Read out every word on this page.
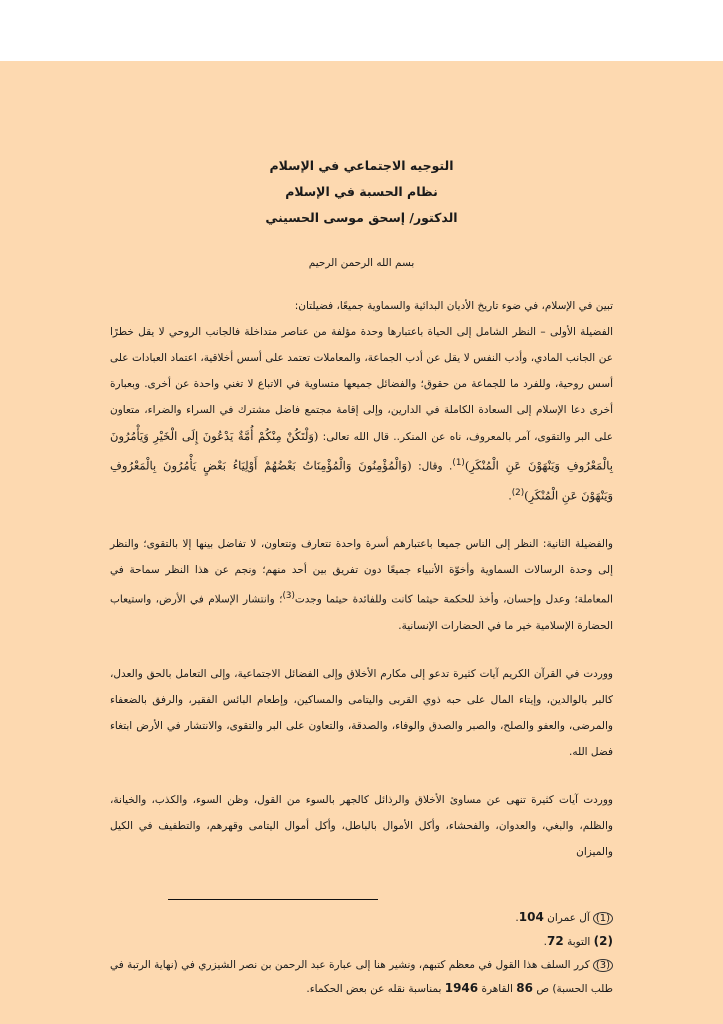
التوجيه الاجتماعي في الإسلام
نظام الحسبة في الإسلام
الدكتور/ إسحق موسى الحسيني
بسم الله الرحمن الرحيم

تبين في الإسلام، في ضوء تاريخ الأديان البدائية والسماوية جميعًا، فضيلتان:

الفضيلة الأولى – النظر الشامل إلى الحياة باعتبارها وحدة مؤلفة من عناصر متداخلة فالجانب الروحي لا يقل خطرًا عن الجانب المادي، وأدب النفس لا يقل عن أدب الجماعة، والمعاملات تعتمد على أسس أخلاقية، اعتماد العبادات على أسس روحية، وللفرد ما للجماعة من حقوق؛ والفضائل جميعها متساوية في الاتباع لا تغني واحدة عن أخرى. وبعبارة أخرى دعا الإسلام إلى السعادة الكاملة في الدارين، وإلى إقامة مجتمع فاضل مشترك في السراء والضراء، متعاون على البر والتقوى، آمر بالمعروف، ناه عن المنكر.. قال الله تعالى: (وَلْتَكُنْ مِنْكُمْ أُمَّةٌ يَدْعُونَ إِلَى الْخَيْرِ وَيَأْمُرُونَ بِالْمَعْرُوفِ وَيَنْهَوْنَ عَنِ الْمُنْكَرِ)$^{(1)}$. وقال: (وَالْمُؤْمِنُونَ وَالْمُؤْمِنَاتُ بَعْضُهُمْ أَوْلِيَاءُ بَعْضٍ يَأْمُرُونَ بِالْمَعْرُوفِ وَيَنْهَوْنَ عَنِ الْمُنْكَرِ)$^{(2)}$.

والفضيلة الثانية: النظر إلى الناس جميعا باعتبارهم أسرة واحدة تتعارف وتتعاون، لا تفاضل بينها إلا بالتقوى؛ والنظر إلى وحدة الرسالات السماوية وأخوّة الأنبياء جميعًا دون تفريق بين أحد منهم؛ ونجم عن هذا النظر سماحة في المعاملة؛ وعدل وإحسان، وأخذ للحكمة حيثما كانت وللفائدة حيثما وجدت$^{(3)}$؛ وانتشار الإسلام في الأرض، واستيعاب الحضارة الإسلامية خير ما في الحضارات الإنسانية.

ووردت في القرآن الكريم آيات كثيرة تدعو إلى مكارم الأخلاق وإلى الفضائل الاجتماعية، وإلى التعامل بالحق والعدل، كالبر بالوالدين، وإيتاء المال على حبه ذوي القربى واليتامى والمساكين، وإطعام البائس الفقير، والرفق بالضعفاء والمرضى، والعفو والصلح، والصبر والصدق والوفاء، والصدقة، والتعاون على البر والتقوى، والانتشار في الأرض ابتغاء فضل الله.

ووردت آيات كثيرة تنهى عن مساوئ الأخلاق والرذائل كالجهر بالسوء من القول، وظن السوء، والكذب، والخيانة، والظلم، والبغي، والعدوان، والفحشاء، وأكل الأموال بالباطل، وأكل أموال اليتامى وقهرهم، والتطفيف في الكيل والميزان

(1)آل عمران 104.

(2) التوبة 72.

(3)كرر السلف هذا القول في معظم كتبهم، ونشير هنا إلى عبارة عبد الرحمن بن نصر الشيزري في (نهاية الرتبة في طلب الحسبة) ص 86 القاهرة 1946 بمناسبة نقله عن بعض الحكماء.
